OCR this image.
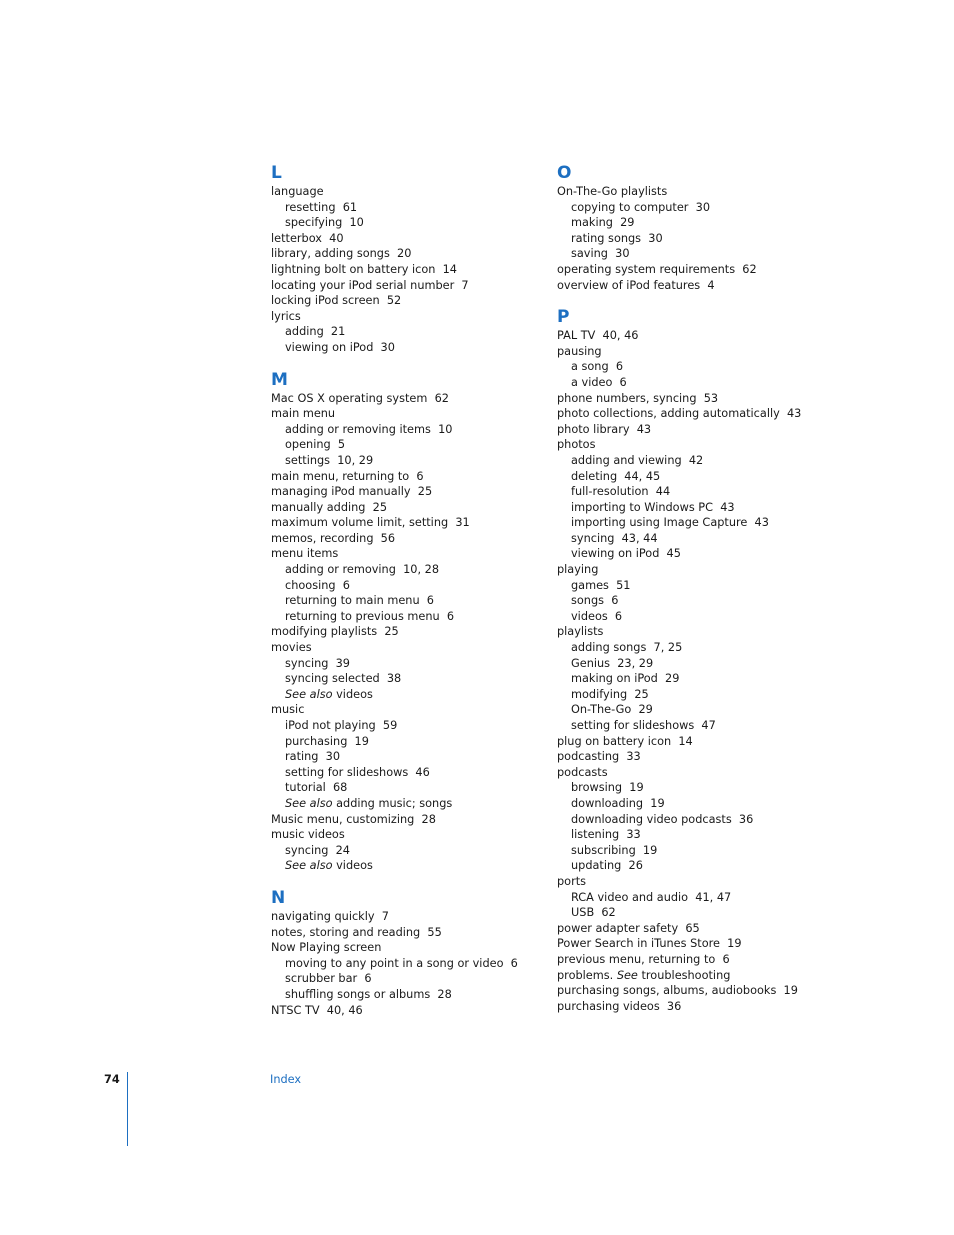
L
language
resetting  61
specifying  10
letterbox  40
library, adding songs  20
lightning bolt on battery icon  14
locating your iPod serial number  7
locking iPod screen  52
lyrics
adding  21
viewing on iPod  30
M
Mac OS X operating system  62
main menu
adding or removing items  10
opening  5
settings  10, 29
main menu, returning to  6
managing iPod manually  25
manually adding  25
maximum volume limit, setting  31
memos, recording  56
menu items
adding or removing  10, 28
choosing  6
returning to main menu  6
returning to previous menu  6
modifying playlists  25
movies
syncing  39
syncing selected  38
See also videos
music
iPod not playing  59
purchasing  19
rating  30
setting for slideshows  46
tutorial  68
See also adding music; songs
Music menu, customizing  28
music videos
syncing  24
See also videos
N
navigating quickly  7
notes, storing and reading  55
Now Playing screen
moving to any point in a song or video  6
scrubber bar  6
shuffling songs or albums  28
NTSC TV  40, 46
O
On-The-Go playlists
copying to computer  30
making  29
rating songs  30
saving  30
operating system requirements  62
overview of iPod features  4
P
PAL TV  40, 46
pausing
a song  6
a video  6
phone numbers, syncing  53
photo collections, adding automatically  43
photo library  43
photos
adding and viewing  42
deleting  44, 45
full-resolution  44
importing to Windows PC  43
importing using Image Capture  43
syncing  43, 44
viewing on iPod  45
playing
games  51
songs  6
videos  6
playlists
adding songs  7, 25
Genius  23, 29
making on iPod  29
modifying  25
On-The-Go  29
setting for slideshows  47
plug on battery icon  14
podcasting  33
podcasts
browsing  19
downloading  19
downloading video podcasts  36
listening  33
subscribing  19
updating  26
ports
RCA video and audio  41, 47
USB  62
power adapter safety  65
Power Search in iTunes Store  19
previous menu, returning to  6
problems. See troubleshooting
purchasing songs, albums, audiobooks  19
purchasing videos  36
74	Index
